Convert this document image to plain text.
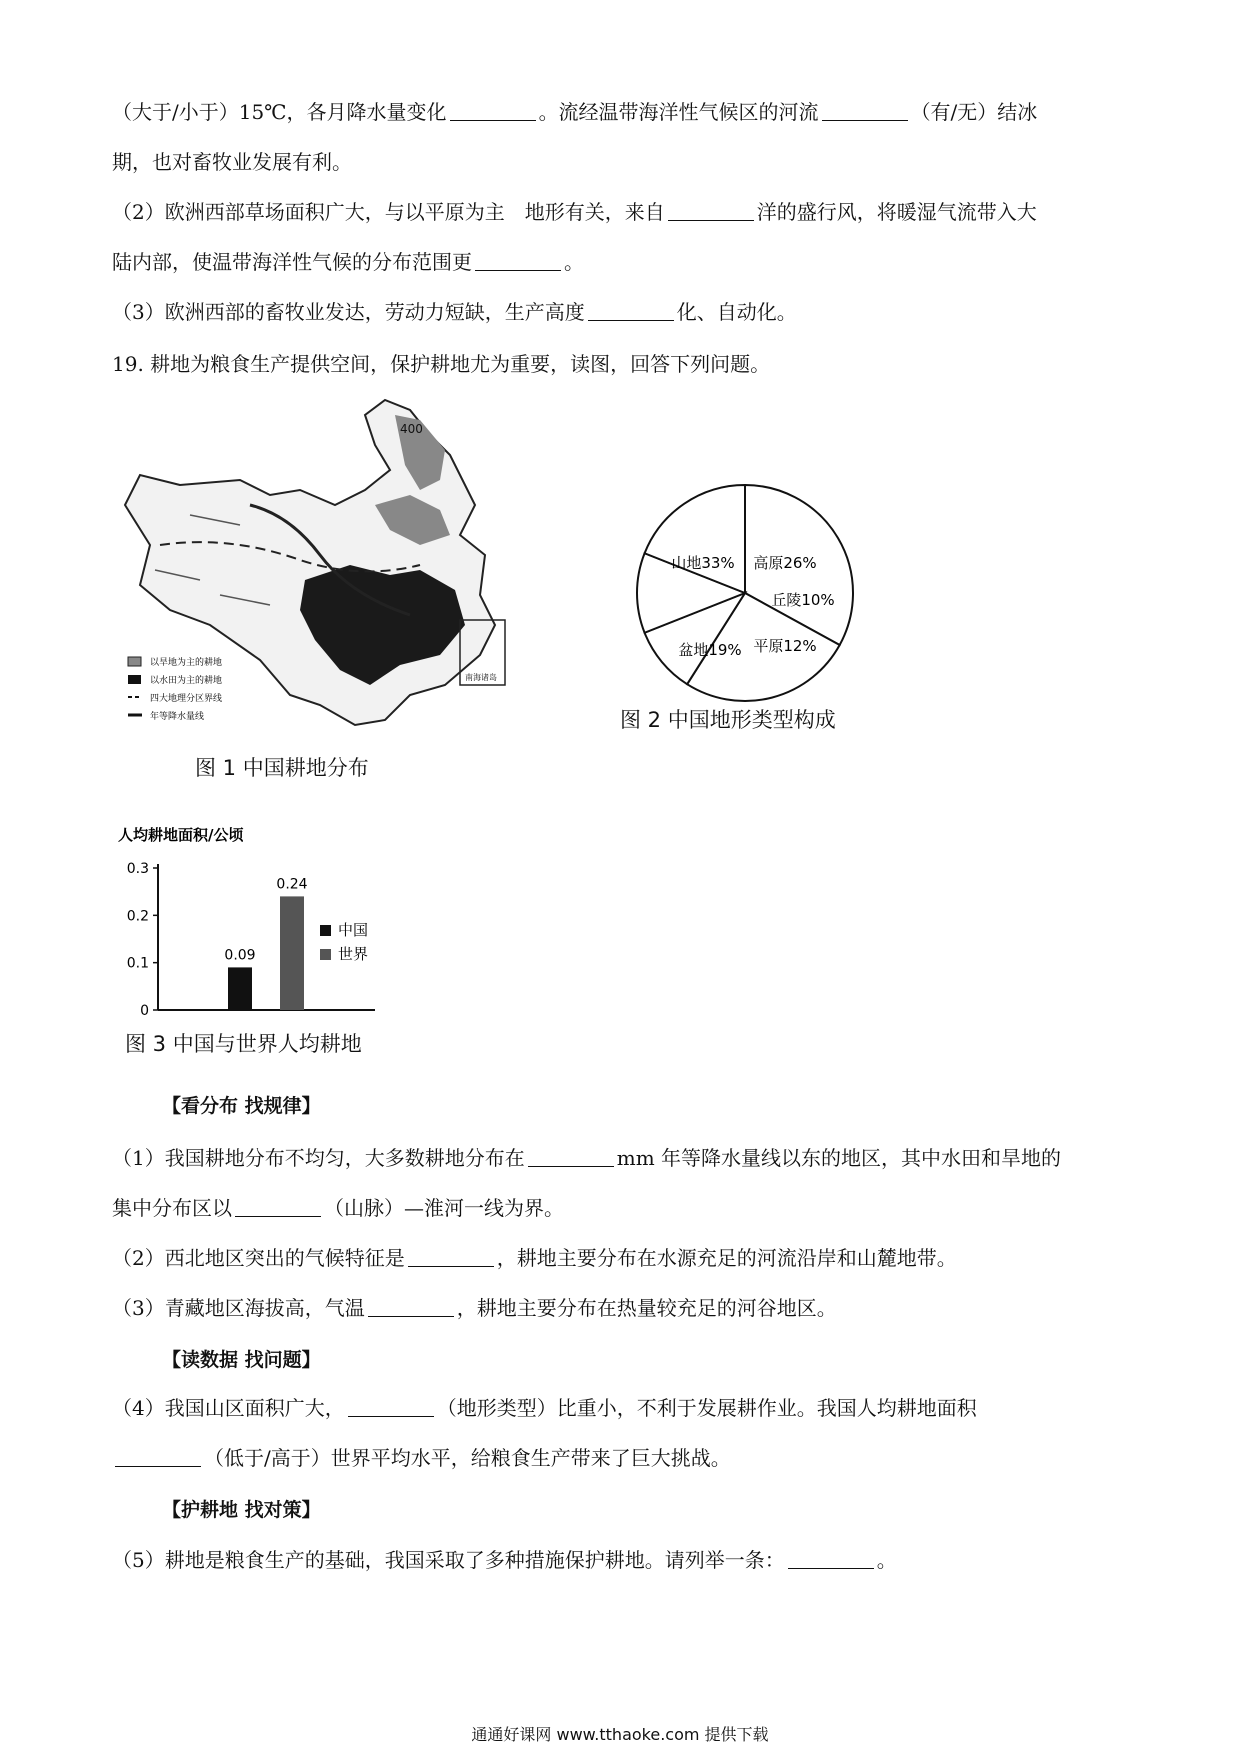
（大于/小于）15℃，各月降水量变化	。流经温带海洋性气候区的河流	（有/无）结冰
期，也对畜牧业发展有利。
（2）欧洲西部草场面积广大，与以平原为主　地形有关，来自	洋的盛行风，将暖湿气流带入大
陆内部，使温带海洋性气候的分布范围更	。
（3）欧洲西部的畜牧业发达，劳动力短缺，生产高度	化、自动化。
19. 耕地为粮食生产提供空间，保护耕地尤为重要，读图，回答下列问题。
400
南海诸岛
以旱地为主的耕地
以水田为主的耕地
四大地理分区界线
年等降水量线
图 1 中国耕地分布
山地33% 高原26%
丘陵10%
平原12%
盆地19%
图 2 中国地形类型构成
人均耕地面积/公顷
0
0.1
0.2
0.3
0.09
0.24
中国
世界
图 3 中国与世界人均耕地
【看分布 找规律】
（1）我国耕地分布不均匀，大多数耕地分布在	mm 年等降水量线以东的地区，其中水田和旱地的
集中分布区以	（山脉）—淮河一线为界。
（2）西北地区突出的气候特征是	，耕地主要分布在水源充足的河流沿岸和山麓地带。
（3）青藏地区海拔高，气温	，耕地主要分布在热量较充足的河谷地区。
【读数据 找问题】
（4）我国山区面积广大，	（地形类型）比重小，不利于发展耕作业。我国人均耕地面积
（低于/高于）世界平均水平，给粮食生产带来了巨大挑战。
【护耕地 找对策】
（5）耕地是粮食生产的基础，我国采取了多种措施保护耕地。请列举一条：	。
通通好课网 www.tthaoke.com 提供下载
